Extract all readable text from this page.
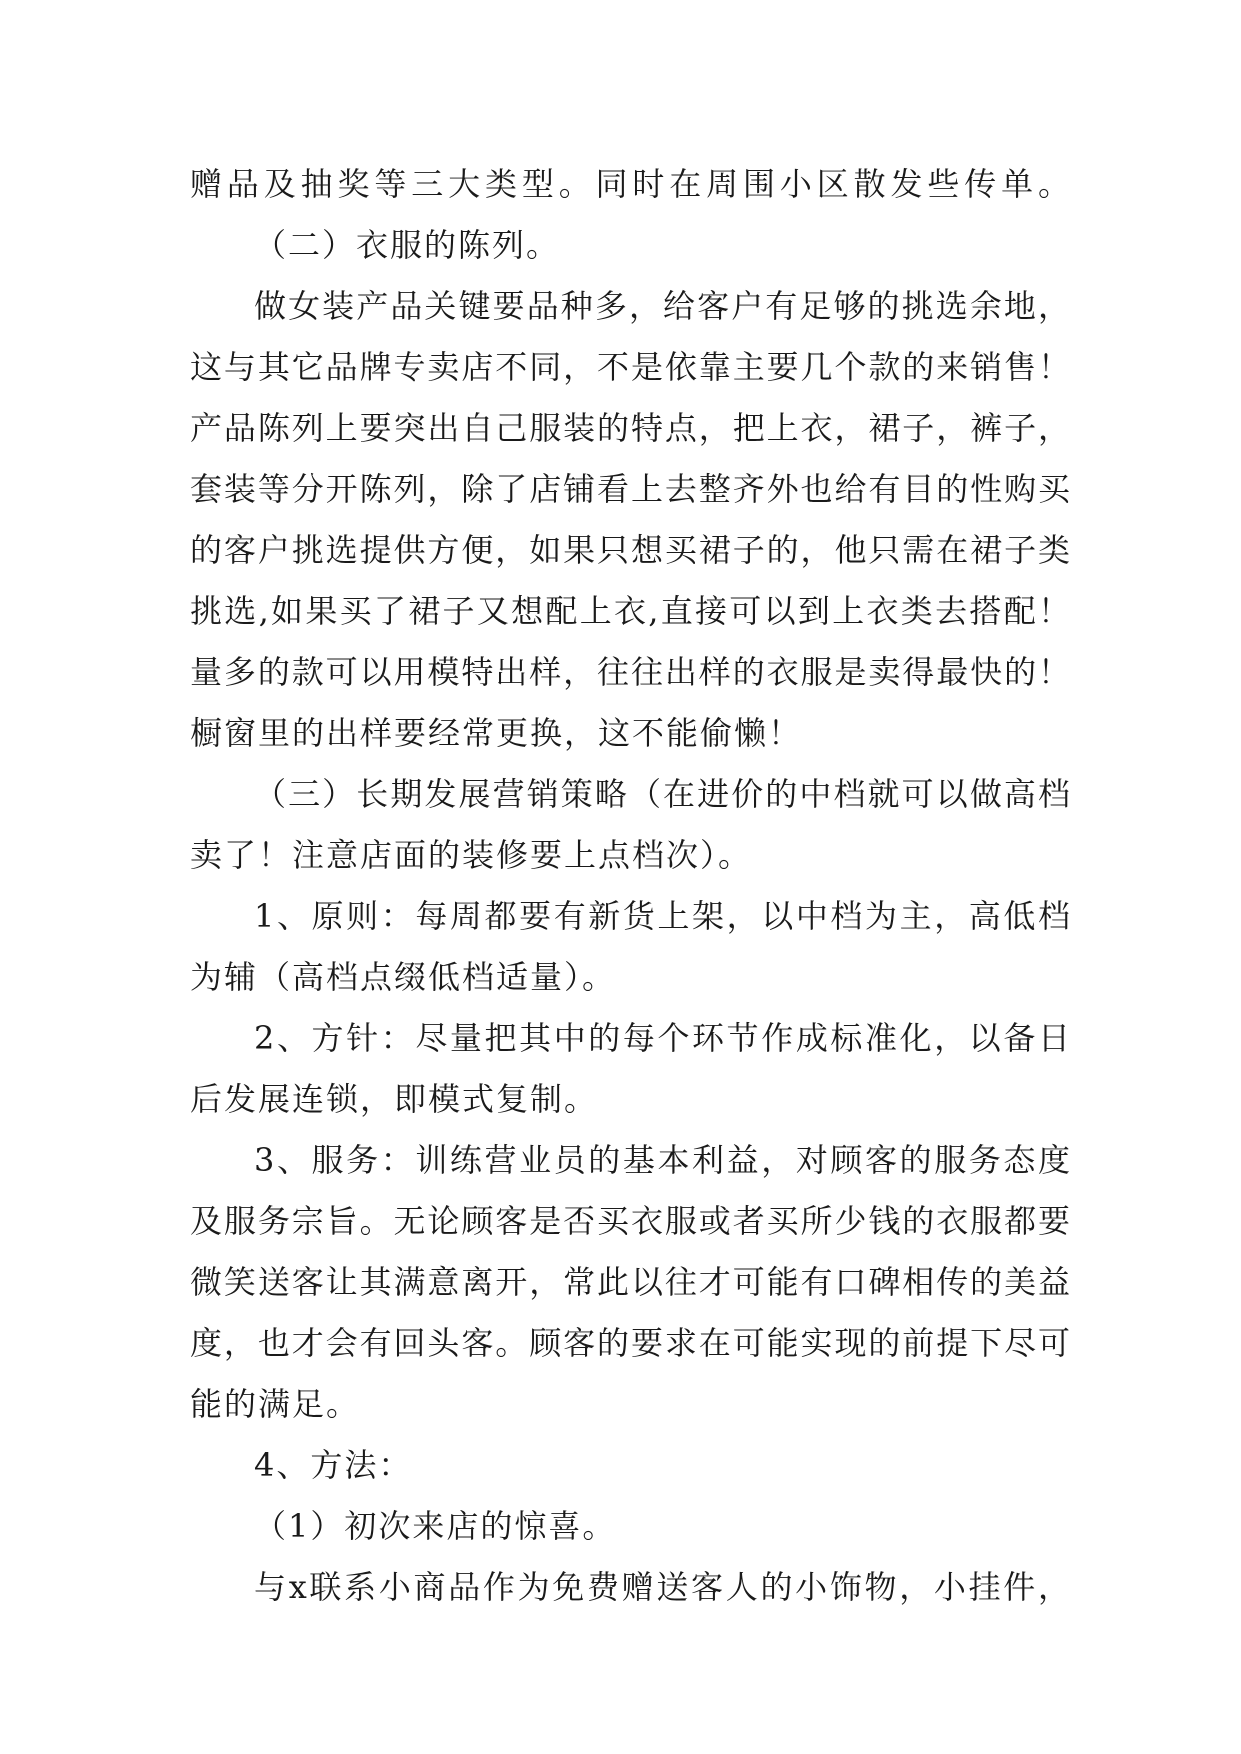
赠品及抽奖等三大类型。同时在周围小区散发些传单。
（二）衣服的陈列。
做女装产品关键要品种多，给客户有足够的挑选余地，
这与其它品牌专卖店不同，不是依靠主要几个款的来销售！
产品陈列上要突出自己服装的特点，把上衣，裙子，裤子，
套装等分开陈列，除了店铺看上去整齐外也给有目的性购买
的客户挑选提供方便，如果只想买裙子的，他只需在裙子类
挑选,如果买了裙子又想配上衣,直接可以到上衣类去搭配！
量多的款可以用模特出样，往往出样的衣服是卖得最快的！
橱窗里的出样要经常更换，这不能偷懒！
（三）长期发展营销策略（在进价的中档就可以做高档
卖了！注意店面的装修要上点档次）。
1、原则：每周都要有新货上架，以中档为主，高低档
为辅（高档点缀低档适量）。
2、方针：尽量把其中的每个环节作成标准化，以备日
后发展连锁，即模式复制。
3、服务：训练营业员的基本利益，对顾客的服务态度
及服务宗旨。无论顾客是否买衣服或者买所少钱的衣服都要
微笑送客让其满意离开，常此以往才可能有口碑相传的美益
度，也才会有回头客。顾客的要求在可能实现的前提下尽可
能的满足。
4、方法：
（1）初次来店的惊喜。
与x联系小商品作为免费赠送客人的小饰物，小挂件，
